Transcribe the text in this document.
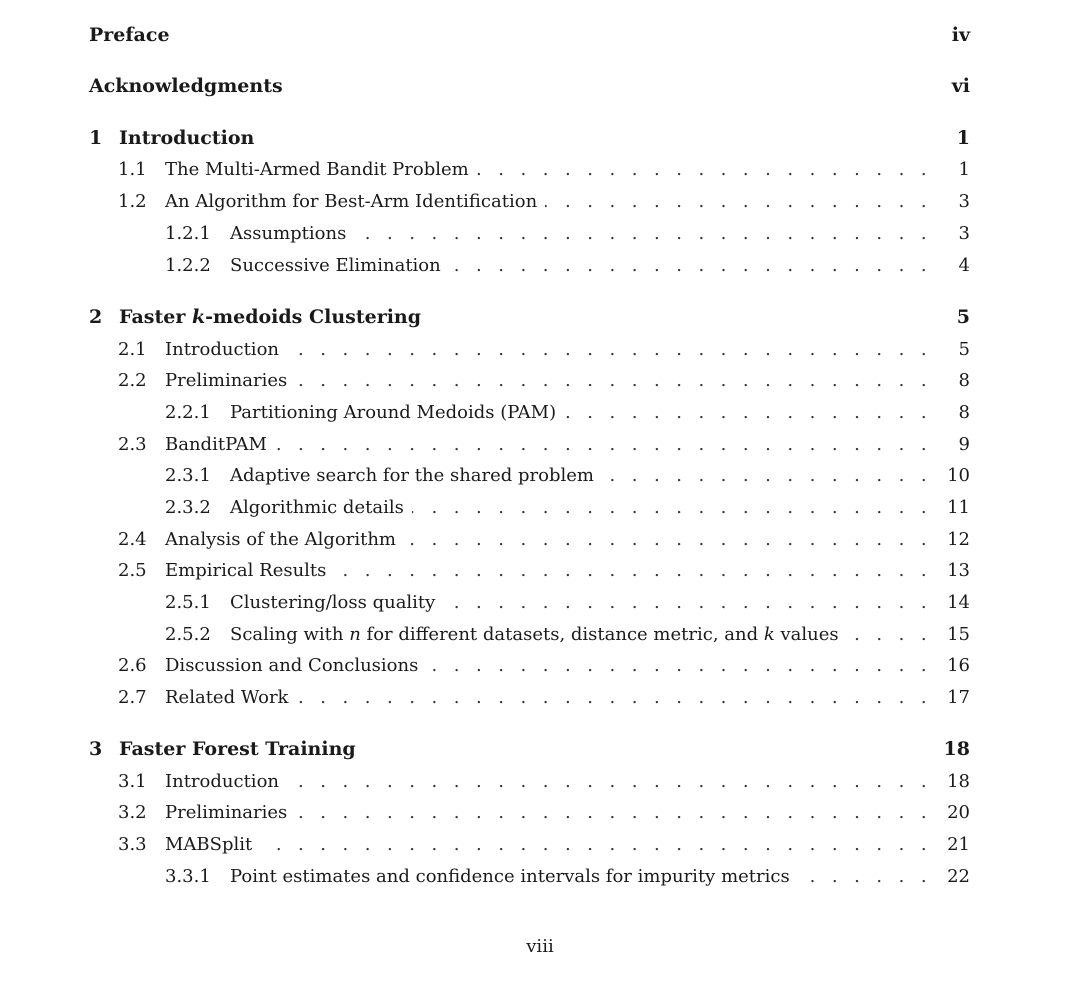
Preface	iv
Acknowledgments	vi
1 Introduction	1
1.1	The Multi-Armed Bandit Problem . . .	1
1.2	An Algorithm for Best-Arm Identification . . .	3
1.2.1	Assumptions . . .	3
1.2.2	Successive Elimination . . .	4
2 Faster k-medoids Clustering	5
2.1	Introduction . . .	5
2.2	Preliminaries . . .	8
2.2.1	Partitioning Around Medoids (PAM) . . .	8
2.3	BanditPAM . . .	9
2.3.1	Adaptive search for the shared problem . . .	10
2.3.2	Algorithmic details . . .	11
2.4	Analysis of the Algorithm . . .	12
2.5	Empirical Results . . .	13
2.5.1	Clustering/loss quality . . .	14
2.5.2	Scaling with n for different datasets, distance metric, and k values . . .	15
2.6	Discussion and Conclusions . . .	16
2.7	Related Work . . .	17
3 Faster Forest Training	18
3.1	Introduction . . .	18
3.2	Preliminaries . . .	20
3.3	MABSplit . . .	21
3.3.1	Point estimates and confidence intervals for impurity metrics . . .	22
viii
